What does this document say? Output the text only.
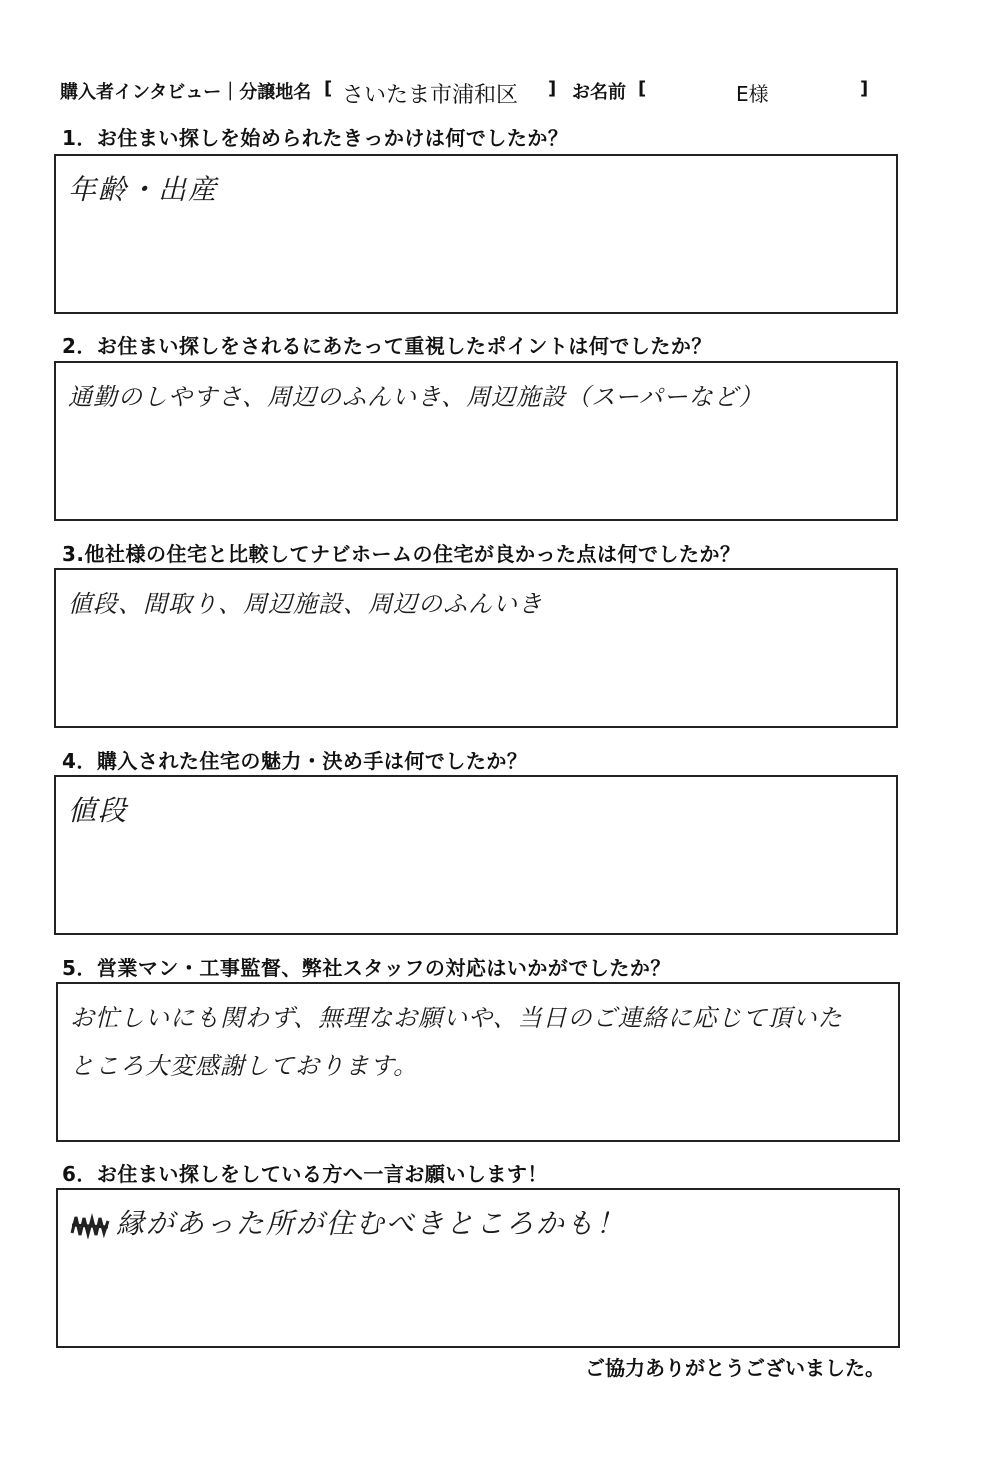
購入者インタビュー｜分譲地名 [ さいたま市浦和区 ] お名前 [	E様	]
1．お住まい探しを始められたきっかけは何でしたか？
年齢・出産
2．お住まい探しをされるにあたって重視したポイントは何でしたか？
通勤のしやすさ、周辺のふんいき、周辺施設（スーパーなど）
3.他社様の住宅と比較してナビホームの住宅が良かった点は何でしたか？
値段、間取り、周辺施設、周辺のふんいき
4．購入された住宅の魅力・決め手は何でしたか？
値段
5．営業マン・工事監督、弊社スタッフの対応はいかがでしたか？
お忙しいにも関わず、無理なお願いや、当日のご連絡に応じて頂いた
ところ大変感謝しております。
6．お住まい探しをしている方へ一言お願いします！
縁があった所が住むべきところかも！
ご協力ありがとうございました。
